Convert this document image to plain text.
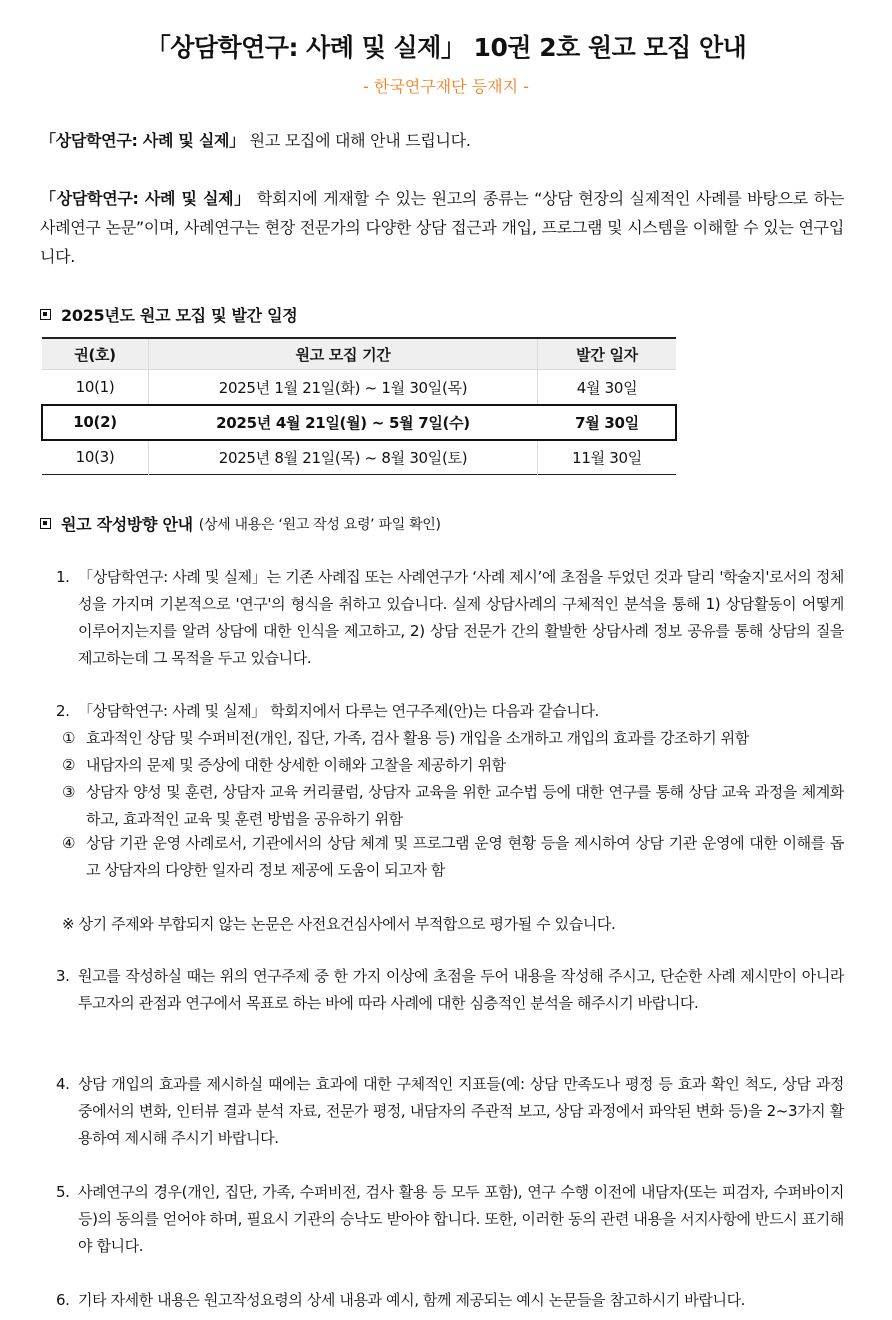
「상담학연구: 사례 및 실제」 10권 2호 원고 모집 안내
- 한국연구재단 등재지 -
「상담학연구: 사례 및 실제」 원고 모집에 대해 안내 드립니다.
「상담학연구: 사례 및 실제」 학회지에 게재할 수 있는 원고의 종류는 “상담 현장의 실제적인 사례를 바탕으로 하는 사례연구 논문”이며, 사례연구는 현장 전문가의 다양한 상담 접근과 개입, 프로그램 및 시스템을 이해할 수 있는 연구입니다.
2025년도 원고 모집 및 발간 일정
권(호)	원고 모집 기간	발간 일자
10(1)	2025년 1월 21일(화) ~ 1월 30일(목)	4월 30일
10(2)	2025년 4월 21일(월) ~ 5월 7일(수)	7월 30일
10(3)	2025년 8월 21일(목) ~ 8월 30일(토)	11월 30일
원고 작성방향 안내 (상세 내용은 ‘원고 작성 요령’ 파일 확인)
1. 「상담학연구: 사례 및 실제」는 기존 사례집 또는 사례연구가 ‘사례 제시’에 초점을 두었던 것과 달리 '학술지'로서의 정체성을 가지며 기본적으로 '연구'의 형식을 취하고 있습니다. 실제 상담사례의 구체적인 분석을 통해 1) 상담활동이 어떻게 이루어지는지를 알려 상담에 대한 인식을 제고하고, 2) 상담 전문가 간의 활발한 상담사례 정보 공유를 통해 상담의 질을 제고하는데 그 목적을 두고 있습니다.
2. 「상담학연구: 사례 및 실제」 학회지에서 다루는 연구주제(안)는 다음과 같습니다.
① 효과적인 상담 및 수퍼비전(개인, 집단, 가족, 검사 활용 등) 개입을 소개하고 개입의 효과를 강조하기 위함
② 내담자의 문제 및 증상에 대한 상세한 이해와 고찰을 제공하기 위함
③ 상담자 양성 및 훈련, 상담자 교육 커리큘럼, 상담자 교육을 위한 교수법 등에 대한 연구를 통해 상담 교육 과정을 체계화하고, 효과적인 교육 및 훈련 방법을 공유하기 위함
④ 상담 기관 운영 사례로서, 기관에서의 상담 체계 및 프로그램 운영 현황 등을 제시하여 상담 기관 운영에 대한 이해를 돕고 상담자의 다양한 일자리 정보 제공에 도움이 되고자 함
※ 상기 주제와 부합되지 않는 논문은 사전요건심사에서 부적합으로 평가될 수 있습니다.
3. 원고를 작성하실 때는 위의 연구주제 중 한 가지 이상에 초점을 두어 내용을 작성해 주시고, 단순한 사례 제시만이 아니라 투고자의 관점과 연구에서 목표로 하는 바에 따라 사례에 대한 심층적인 분석을 해주시기 바랍니다.
4. 상담 개입의 효과를 제시하실 때에는 효과에 대한 구체적인 지표들(예: 상담 만족도나 평정 등 효과 확인 척도, 상담 과정 중에서의 변화, 인터뷰 결과 분석 자료, 전문가 평정, 내담자의 주관적 보고, 상담 과정에서 파악된 변화 등)을 2~3가지 활용하여 제시해 주시기 바랍니다.
5. 사례연구의 경우(개인, 집단, 가족, 수퍼비전, 검사 활용 등 모두 포함), 연구 수행 이전에 내담자(또는 피검자, 수퍼바이지 등)의 동의를 얻어야 하며, 필요시 기관의 승낙도 받아야 합니다. 또한, 이러한 동의 관련 내용을 서지사항에 반드시 표기해야 합니다.
6. 기타 자세한 내용은 원고작성요령의 상세 내용과 예시, 함께 제공되는 예시 논문들을 참고하시기 바랍니다.
